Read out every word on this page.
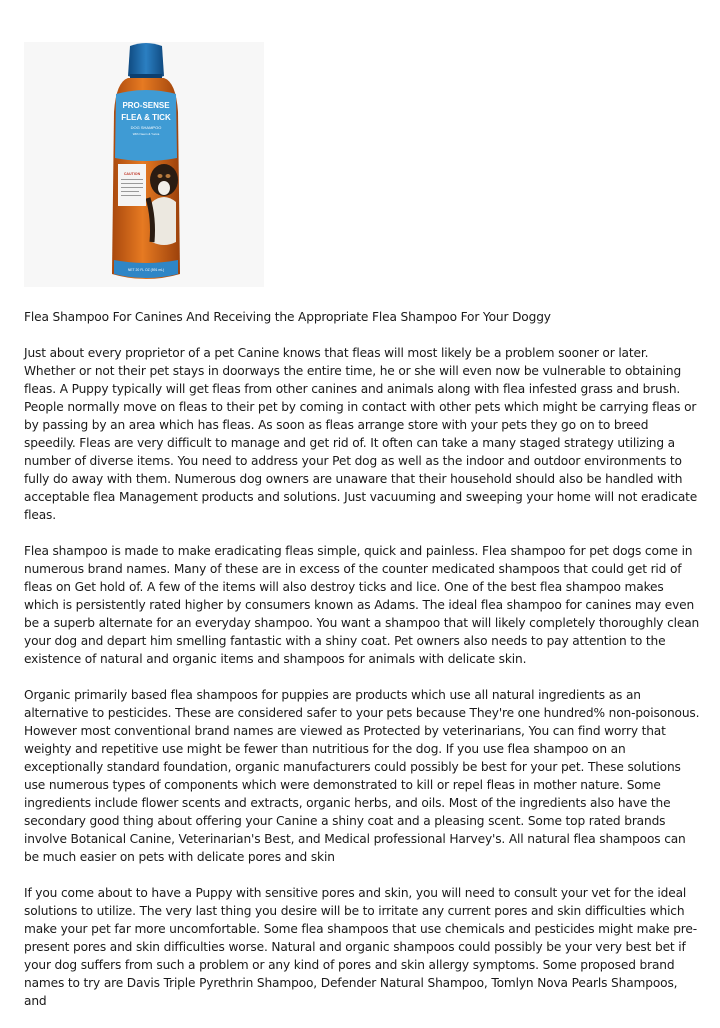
PRO-SENSE
FLEA & TICK
DOG SHAMPOO
With Neem & Yucca
CAUTION
NET 20 FL OZ (591 mL)

Flea Shampoo For Canines And Receiving the Appropriate Flea Shampoo For Your Doggy

Just about every proprietor of a pet Canine knows that fleas will most likely be a problem sooner or later. Whether or not their pet stays in doorways the entire time, he or she will even now be vulnerable to obtaining fleas. A Puppy typically will get fleas from other canines and animals along with flea infested grass and brush. People normally move on fleas to their pet by coming in contact with other pets which might be carrying fleas or by passing by an area which has fleas. As soon as fleas arrange store with your pets they go on to breed speedily. Fleas are very difficult to manage and get rid of. It often can take a many staged strategy utilizing a number of diverse items. You need to address your Pet dog as well as the indoor and outdoor environments to fully do away with them. Numerous dog owners are unaware that their household should also be handled with acceptable flea Management products and solutions. Just vacuuming and sweeping your home will not eradicate fleas.

Flea shampoo is made to make eradicating fleas simple, quick and painless. Flea shampoo for pet dogs come in numerous brand names. Many of these are in excess of the counter medicated shampoos that could get rid of fleas on Get hold of. A few of the items will also destroy ticks and lice. One of the best flea shampoo makes which is persistently rated higher by consumers known as Adams. The ideal flea shampoo for canines may even be a superb alternate for an everyday shampoo. You want a shampoo that will likely completely thoroughly clean your dog and depart him smelling fantastic with a shiny coat. Pet owners also needs to pay attention to the existence of natural and organic items and shampoos for animals with delicate skin.

Organic primarily based flea shampoos for puppies are products which use all natural ingredients as an alternative to pesticides. These are considered safer to your pets because They're one hundred% non-poisonous. However most conventional brand names are viewed as Protected by veterinarians, You can find worry that weighty and repetitive use might be fewer than nutritious for the dog. If you use flea shampoo on an exceptionally standard foundation, organic manufacturers could possibly be best for your pet. These solutions use numerous types of components which were demonstrated to kill or repel fleas in mother nature. Some ingredients include flower scents and extracts, organic herbs, and oils. Most of the ingredients also have the secondary good thing about offering your Canine a shiny coat and a pleasing scent. Some top rated brands involve Botanical Canine, Veterinarian's Best, and Medical professional Harvey's. All natural flea shampoos can be much easier on pets with delicate pores and skin

If you come about to have a Puppy with sensitive pores and skin, you will need to consult your vet for the ideal solutions to utilize. The very last thing you desire will be to irritate any current pores and skin difficulties which make your pet far more uncomfortable. Some flea shampoos that use chemicals and pesticides might make pre-present pores and skin difficulties worse. Natural and organic shampoos could possibly be your very best bet if your dog suffers from such a problem or any kind of pores and skin allergy symptoms. Some proposed brand names to try are Davis Triple Pyrethrin Shampoo, Defender Natural Shampoo, Tomlyn Nova Pearls Shampoos, and
